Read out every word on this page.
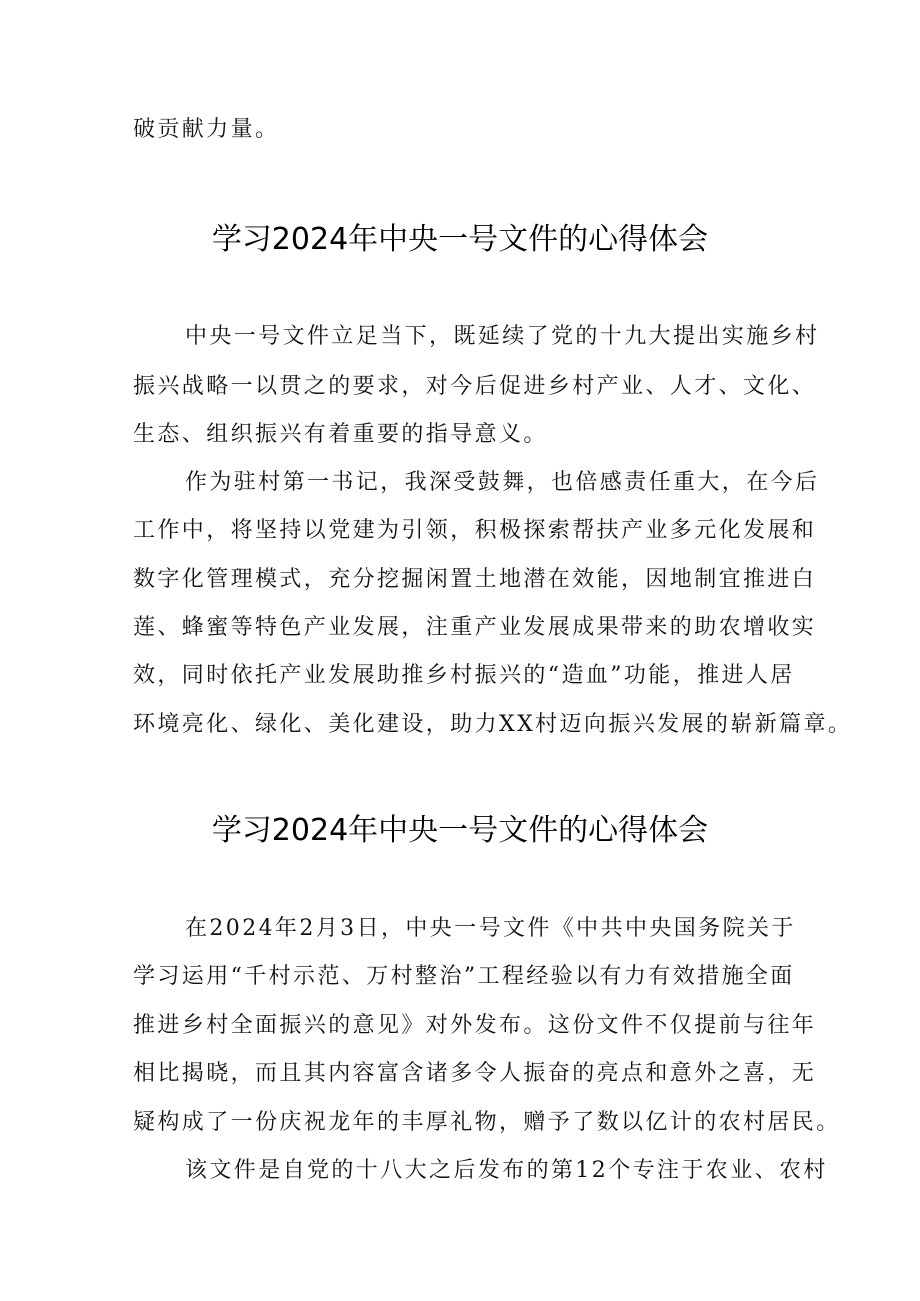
破贡献力量。
学习2024年中央一号文件的心得体会
中央一号文件立足当下，既延续了党的十九大提出实施乡村
振兴战略一以贯之的要求，对今后促进乡村产业、人才、文化、
生态、组织振兴有着重要的指导意义。
作为驻村第一书记，我深受鼓舞，也倍感责任重大，在今后
工作中，将坚持以党建为引领，积极探索帮扶产业多元化发展和
数字化管理模式，充分挖掘闲置土地潜在效能，因地制宜推进白
莲、蜂蜜等特色产业发展，注重产业发展成果带来的助农增收实
效，同时依托产业发展助推乡村振兴的“造血”功能，推进人居
环境亮化、绿化、美化建设，助力XX村迈向振兴发展的崭新篇章。
学习2024年中央一号文件的心得体会
在2024年2月3日，中央一号文件《中共中央国务院关于
学习运用“千村示范、万村整治”工程经验以有力有效措施全面
推进乡村全面振兴的意见》对外发布。这份文件不仅提前与往年
相比揭晓，而且其内容富含诸多令人振奋的亮点和意外之喜，无
疑构成了一份庆祝龙年的丰厚礼物，赠予了数以亿计的农村居民。
该文件是自党的十八大之后发布的第12个专注于农业、农村
